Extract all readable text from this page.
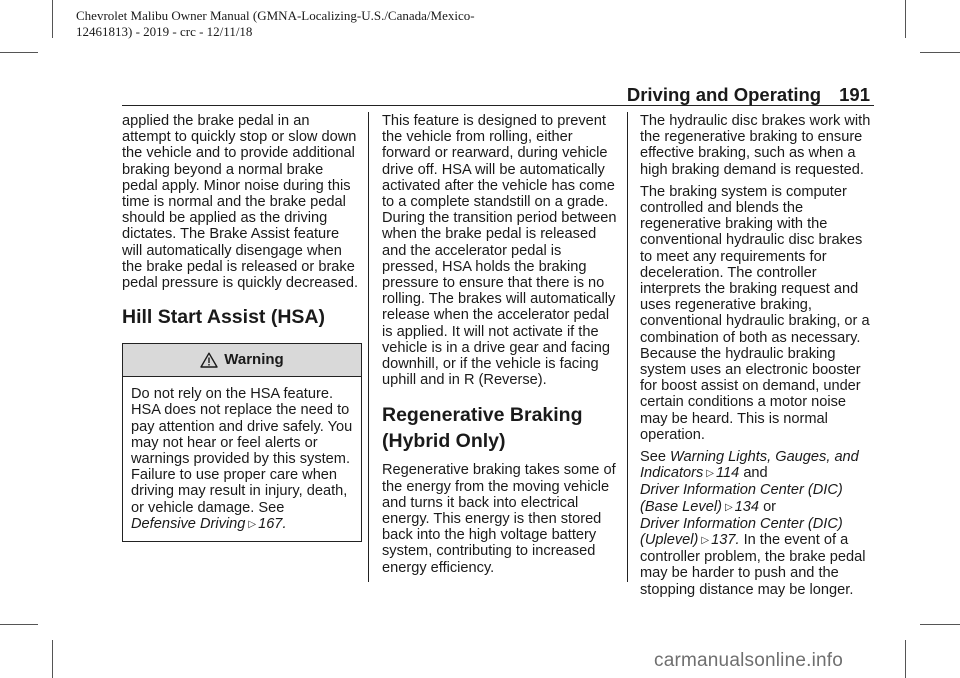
Chevrolet Malibu Owner Manual (GMNA-Localizing-U.S./Canada/Mexico-
12461813) - 2019 - crc - 12/11/18
Driving and Operating 191

applied the brake pedal in an attempt to quickly stop or slow down the vehicle and to provide additional braking beyond a normal brake pedal apply. Minor noise during this time is normal and the brake pedal should be applied as the driving dictates. The Brake Assist feature will automatically disengage when the brake pedal is released or brake pedal pressure is quickly decreased.

Hill Start Assist (HSA)
Warning
Do not rely on the HSA feature. HSA does not replace the need to pay attention and drive safely. You may not hear or feel alerts or warnings provided by this system. Failure to use proper care when driving may result in injury, death, or vehicle damage. See
Defensive Driving ▷ 167.

This feature is designed to prevent the vehicle from rolling, either forward or rearward, during vehicle drive off. HSA will be automatically activated after the vehicle has come to a complete standstill on a grade. During the transition period between when the brake pedal is released and the accelerator pedal is pressed, HSA holds the braking pressure to ensure that there is no rolling. The brakes will automatically release when the accelerator pedal is applied. It will not activate if the vehicle is in a drive gear and facing downhill, or if the vehicle is facing uphill and in R (Reverse).

Regenerative Braking
(Hybrid Only)

Regenerative braking takes some of the energy from the moving vehicle and turns it back into electrical energy. This energy is then stored back into the high voltage battery system, contributing to increased energy efficiency.

The hydraulic disc brakes work with the regenerative braking to ensure effective braking, such as when a high braking demand is requested.

The braking system is computer controlled and blends the regenerative braking with the conventional hydraulic disc brakes to meet any requirements for deceleration. The controller interprets the braking request and uses regenerative braking, conventional hydraulic braking, or a combination of both as necessary. Because the hydraulic braking system uses an electronic booster for boost assist on demand, under certain conditions a motor noise may be heard. This is normal operation.

See Warning Lights, Gauges, and Indicators ▷ 114 and
Driver Information Center (DIC) (Base Level) ▷ 134 or
Driver Information Center (DIC) (Uplevel) ▷ 137. In the event of a controller problem, the brake pedal may be harder to push and the stopping distance may be longer.

carmanualsonline.info
